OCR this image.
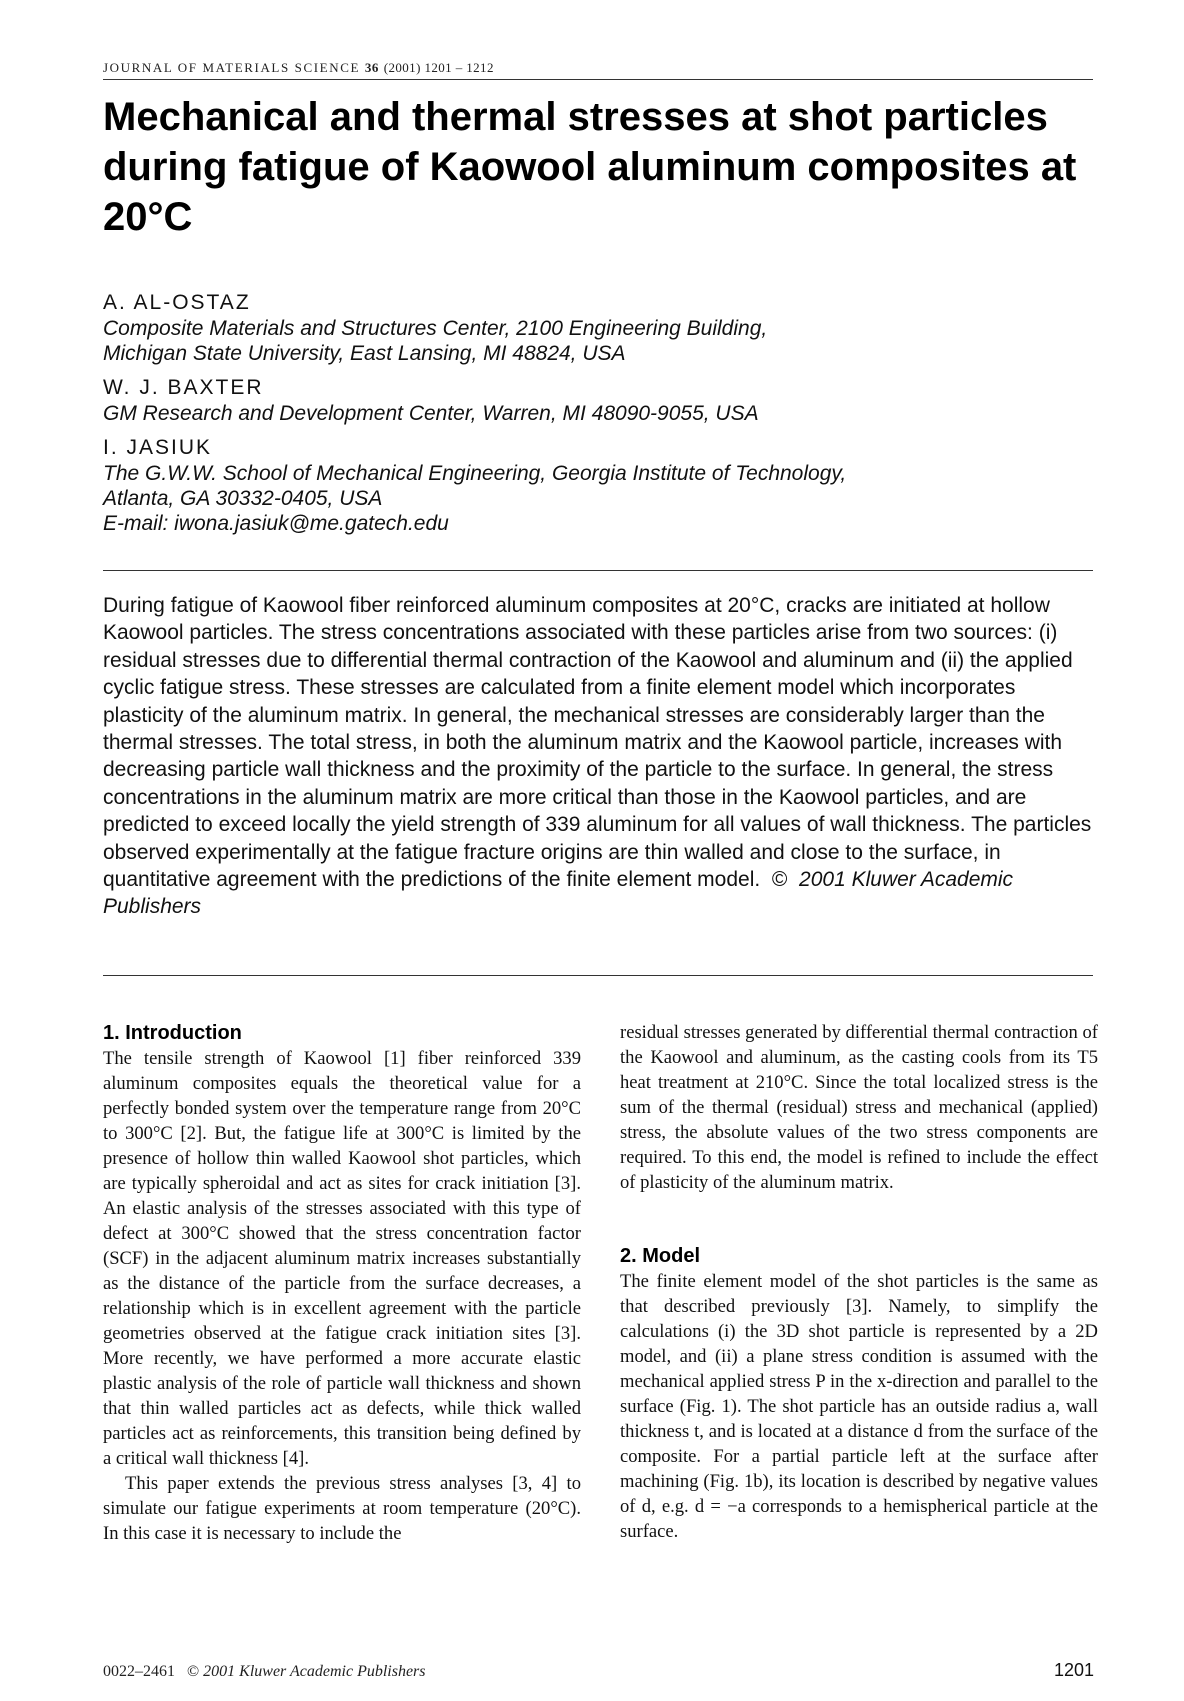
JOURNAL OF MATERIALS SCIENCE 36 (2001) 1201 – 1212
Mechanical and thermal stresses at shot particles during fatigue of Kaowool aluminum composites at 20°C
A. AL-OSTAZ
Composite Materials and Structures Center, 2100 Engineering Building,
Michigan State University, East Lansing, MI 48824, USA
W. J. BAXTER
GM Research and Development Center, Warren, MI 48090-9055, USA
I. JASIUK
The G.W.W. School of Mechanical Engineering, Georgia Institute of Technology,
Atlanta, GA 30332-0405, USA
E-mail: iwona.jasiuk@me.gatech.edu

During fatigue of Kaowool fiber reinforced aluminum composites at 20°C, cracks are initiated at hollow Kaowool particles. The stress concentrations associated with these particles arise from two sources: (i) residual stresses due to differential thermal contraction of the Kaowool and aluminum and (ii) the applied cyclic fatigue stress. These stresses are calculated from a finite element model which incorporates plasticity of the aluminum matrix. In general, the mechanical stresses are considerably larger than the thermal stresses. The total stress, in both the aluminum matrix and the Kaowool particle, increases with decreasing particle wall thickness and the proximity of the particle to the surface. In general, the stress concentrations in the aluminum matrix are more critical than those in the Kaowool particles, and are predicted to exceed locally the yield strength of 339 aluminum for all values of wall thickness. The particles observed experimentally at the fatigue fracture origins are thin walled and close to the surface, in quantitative agreement with the predictions of the finite element model. © 2001 Kluwer Academic Publishers

1. Introduction

The tensile strength of Kaowool [1] fiber reinforced 339 aluminum composites equals the theoretical value for a perfectly bonded system over the temperature range from 20°C to 300°C [2]. But, the fatigue life at 300°C is limited by the presence of hollow thin walled Kaowool shot particles, which are typically spheroidal and act as sites for crack initiation [3]. An elastic analysis of the stresses associated with this type of defect at 300°C showed that the stress concentration factor (SCF) in the adjacent aluminum matrix increases substantially as the distance of the particle from the surface decreases, a relationship which is in excellent agreement with the particle geometries observed at the fatigue crack initiation sites [3]. More recently, we have performed a more accurate elastic plastic analysis of the role of particle wall thickness and shown that thin walled particles act as defects, while thick walled particles act as reinforcements, this transition being defined by a critical wall thickness [4].

This paper extends the previous stress analyses [3, 4] to simulate our fatigue experiments at room temperature (20°C). In this case it is necessary to include the

residual stresses generated by differential thermal contraction of the Kaowool and aluminum, as the casting cools from its T5 heat treatment at 210°C. Since the total localized stress is the sum of the thermal (residual) stress and mechanical (applied) stress, the absolute values of the two stress components are required. To this end, the model is refined to include the effect of plasticity of the aluminum matrix.

2. Model

The finite element model of the shot particles is the same as that described previously [3]. Namely, to simplify the calculations (i) the 3D shot particle is represented by a 2D model, and (ii) a plane stress condition is assumed with the mechanical applied stress P in the x-direction and parallel to the surface (Fig. 1). The shot particle has an outside radius a, wall thickness t, and is located at a distance d from the surface of the composite. For a partial particle left at the surface after machining (Fig. 1b), its location is described by negative values of d, e.g. d = −a corresponds to a hemispherical particle at the surface.

0022–2461 © 2001 Kluwer Academic Publishers	1201
